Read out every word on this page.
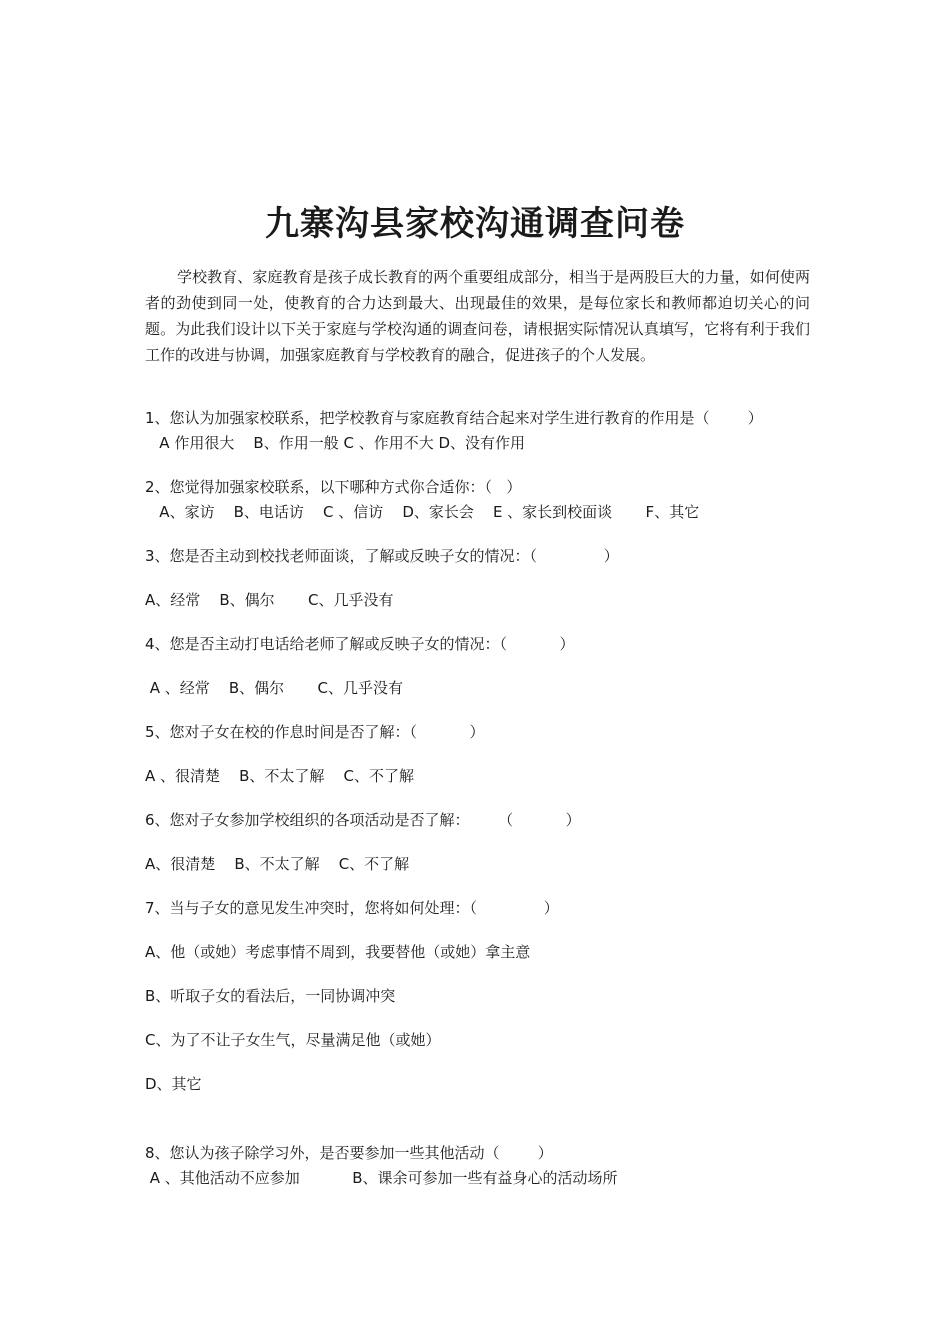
九寨沟县家校沟通调查问卷

学校教育、家庭教育是孩子成长教育的两个重要组成部分，相当于是两股巨大的力量，如何使两者的劲使到同一处，使教育的合力达到最大、出现最佳的效果，是每位家长和教师都迫切关心的问题。为此我们设计以下关于家庭与学校沟通的调查问卷，请根据实际情况认真填写，它将有利于我们工作的改进与协调，加强家庭教育与学校教育的融合，促进孩子的个人发展。

1、您认为加强家校联系，把学校教育与家庭教育结合起来对学生进行教育的作用是（        ）

A 作用很大    B、作用一般 C 、作用不大 D、没有作用

2、您觉得加强家校联系，以下哪种方式你合适你：（   ）

A、家访    B、电话访    C 、信访    D、家长会    E 、家长到校面谈       F、其它

3、您是否主动到校找老师面谈，了解或反映子女的情况：（              ）

A、经常    B、偶尔       C、几乎没有

4、您是否主动打电话给老师了解或反映子女的情况：（           ）

A 、经常    B、偶尔       C、几乎没有

5、您对子女在校的作息时间是否了解：（           ）

A 、很清楚    B、不太了解    C、不了解

6、您对子女参加学校组织的各项活动是否了解：      （           ）

A、很清楚    B、不太了解    C、不了解

7、当与子女的意见发生冲突时，您将如何处理：（              ）

A、他（或她）考虑事情不周到，我要替他（或她）拿主意

B、听取子女的看法后，一同协调冲突

C、为了不让子女生气，尽量满足他（或她）

D、其它

8、您认为孩子除学习外，是否要参加一些其他活动（        ）

A 、其他活动不应参加           B、课余可参加一些有益身心的活动场所
